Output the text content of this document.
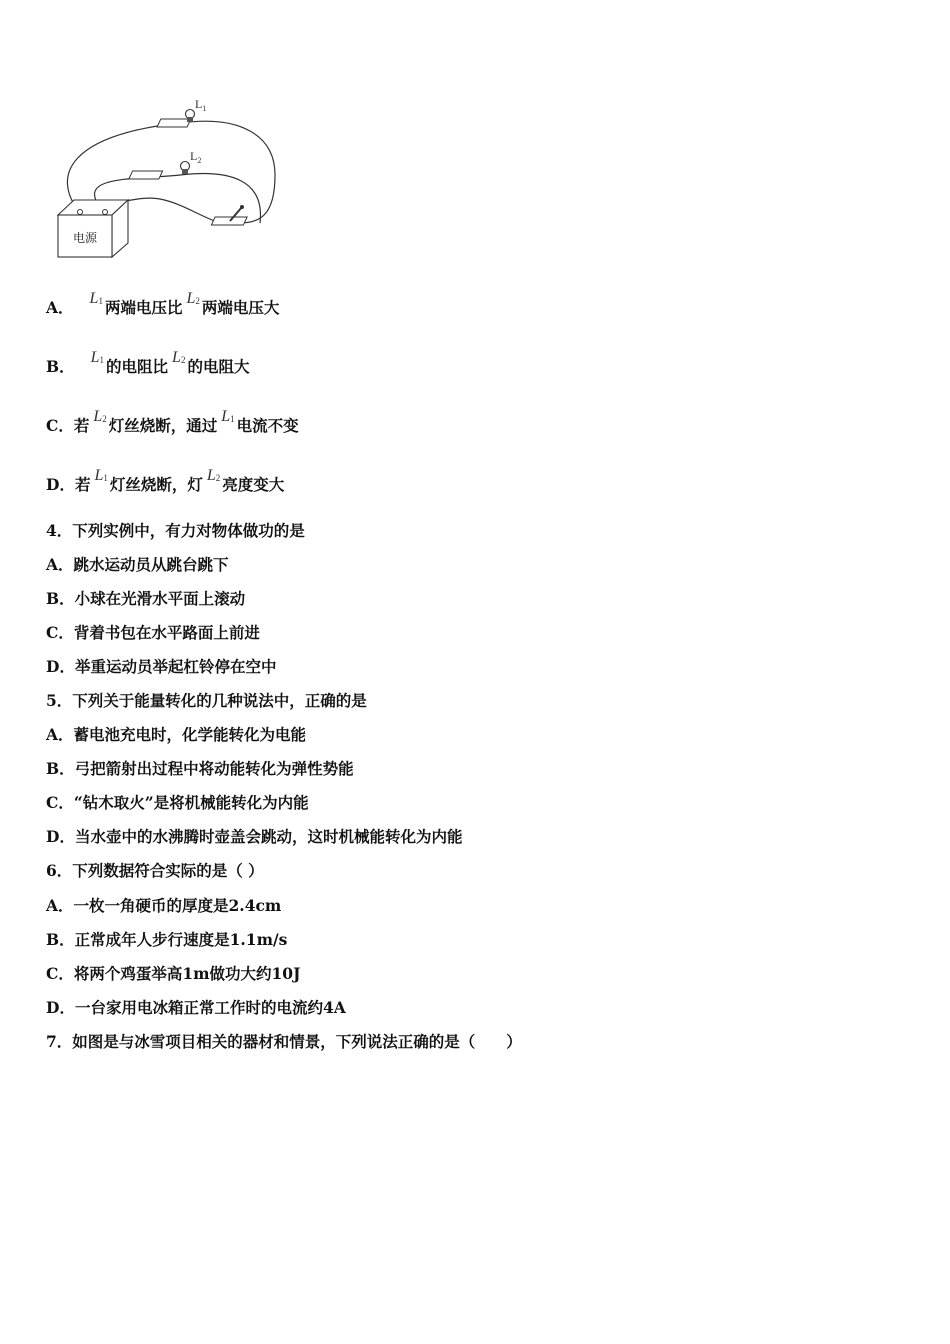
$L_1$
$L_2$
电源
A． $L_1$ 两端电压比 $L_2$ 两端电压大
B． $L_1$ 的电阻比 $L_2$ 的电阻大
C．若 $L_2$ 灯丝烧断，通过 $L_1$ 电流不变
D．若 $L_1$ 灯丝烧断，灯 $L_2$ 亮度变大
4．下列实例中，有力对物体做功的是
A．跳水运动员从跳台跳下
B．小球在光滑水平面上滚动
C．背着书包在水平路面上前进
D．举重运动员举起杠铃停在空中
5．下列关于能量转化的几种说法中，正确的是
A．蓄电池充电时，化学能转化为电能
B．弓把箭射出过程中将动能转化为弹性势能
C．“钻木取火”是将机械能转化为内能
D．当水壶中的水沸腾时壶盖会跳动，这时机械能转化为内能
6．下列数据符合实际的是（ ）
A．一枚一角硬币的厚度是2.4cm
B．正常成年人步行速度是1.1m/s
C．将两个鸡蛋举高1m做功大约10J
D．一台家用电冰箱正常工作时的电流约4A
7．如图是与冰雪项目相关的器材和情景，下列说法正确的是（　　）
